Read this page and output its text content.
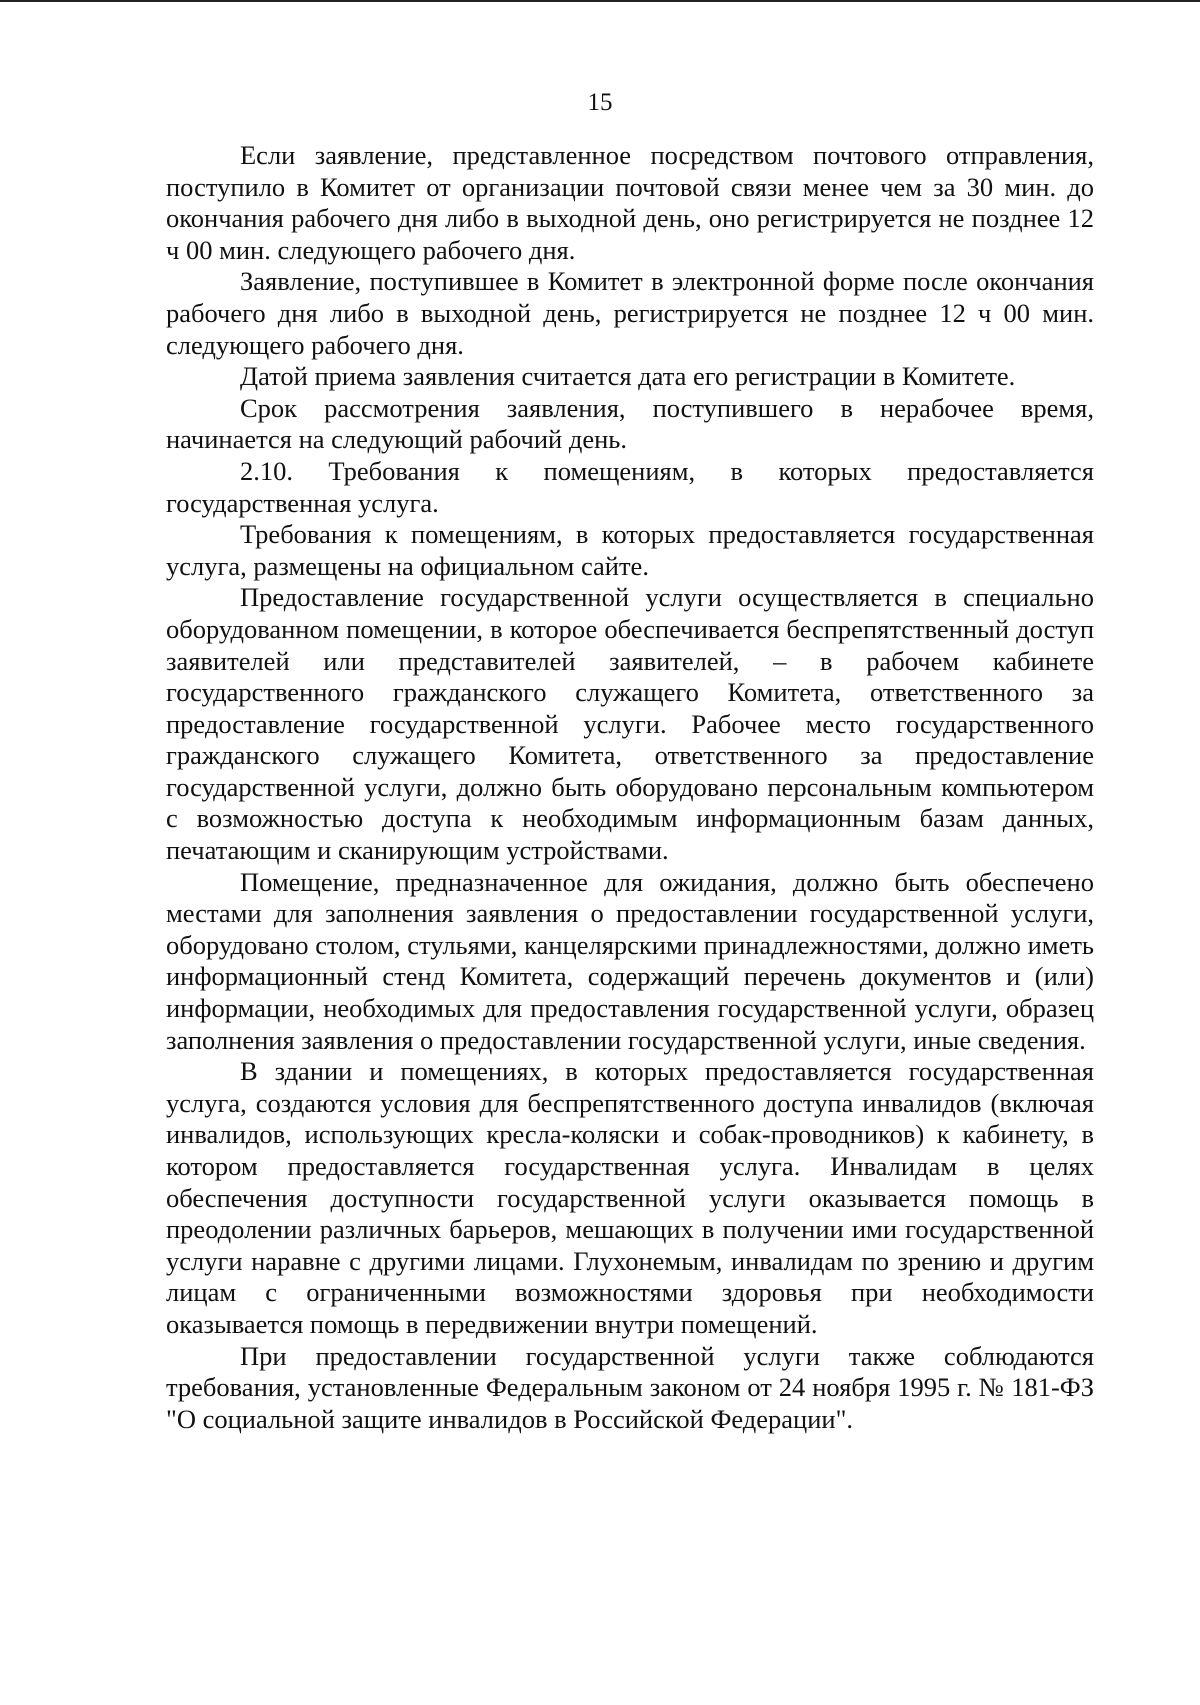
15

Если заявление, представленное посредством почтового отправления, поступило в Комитет от организации почтовой связи менее чем за 30 мин. до окончания рабочего дня либо в выходной день, оно регистрируется не позднее 12 ч 00 мин. следующего рабочего дня.

Заявление, поступившее в Комитет в электронной форме после окончания рабочего дня либо в выходной день, регистрируется не позднее 12 ч 00 мин. следующего рабочего дня.

Датой приема заявления считается дата его регистрации в Комитете.

Срок рассмотрения заявления, поступившего в нерабочее время, начинается на следующий рабочий день.

2.10. Требования к помещениям, в которых предоставляется государственная услуга.

Требования к помещениям, в которых предоставляется государственная услуга, размещены на официальном сайте.

Предоставление государственной услуги осуществляется в специально оборудованном помещении, в которое обеспечивается беспрепятственный доступ заявителей или представителей заявителей, – в рабочем кабинете государственного гражданского служащего Комитета, ответственного за предоставление государственной услуги. Рабочее место государственного гражданского служащего Комитета, ответственного за предоставление государственной услуги, должно быть оборудовано персональным компьютером с возможностью доступа к необходимым информационным базам данных, печатающим и сканирующим устройствами.

Помещение, предназначенное для ожидания, должно быть обеспечено местами для заполнения заявления о предоставлении государственной услуги, оборудовано столом, стульями, канцелярскими принадлежностями, должно иметь информационный стенд Комитета, содержащий перечень документов и (или) информации, необходимых для предоставления государственной услуги, образец заполнения заявления о предоставлении государственной услуги, иные сведения.

В здании и помещениях, в которых предоставляется государственная услуга, создаются условия для беспрепятственного доступа инвалидов (включая инвалидов, использующих кресла-коляски и собак-проводников) к кабинету, в котором предоставляется государственная услуга. Инвалидам в целях обеспечения доступности государственной услуги оказывается помощь в преодолении различных барьеров, мешающих в получении ими государственной услуги наравне с другими лицами. Глухонемым, инвалидам по зрению и другим лицам с ограниченными возможностями здоровья при необходимости оказывается помощь в передвижении внутри помещений.

При предоставлении государственной услуги также соблюдаются требования, установленные Федеральным законом от 24 ноября 1995 г. № 181-ФЗ "О социальной защите инвалидов в Российской Федерации".
